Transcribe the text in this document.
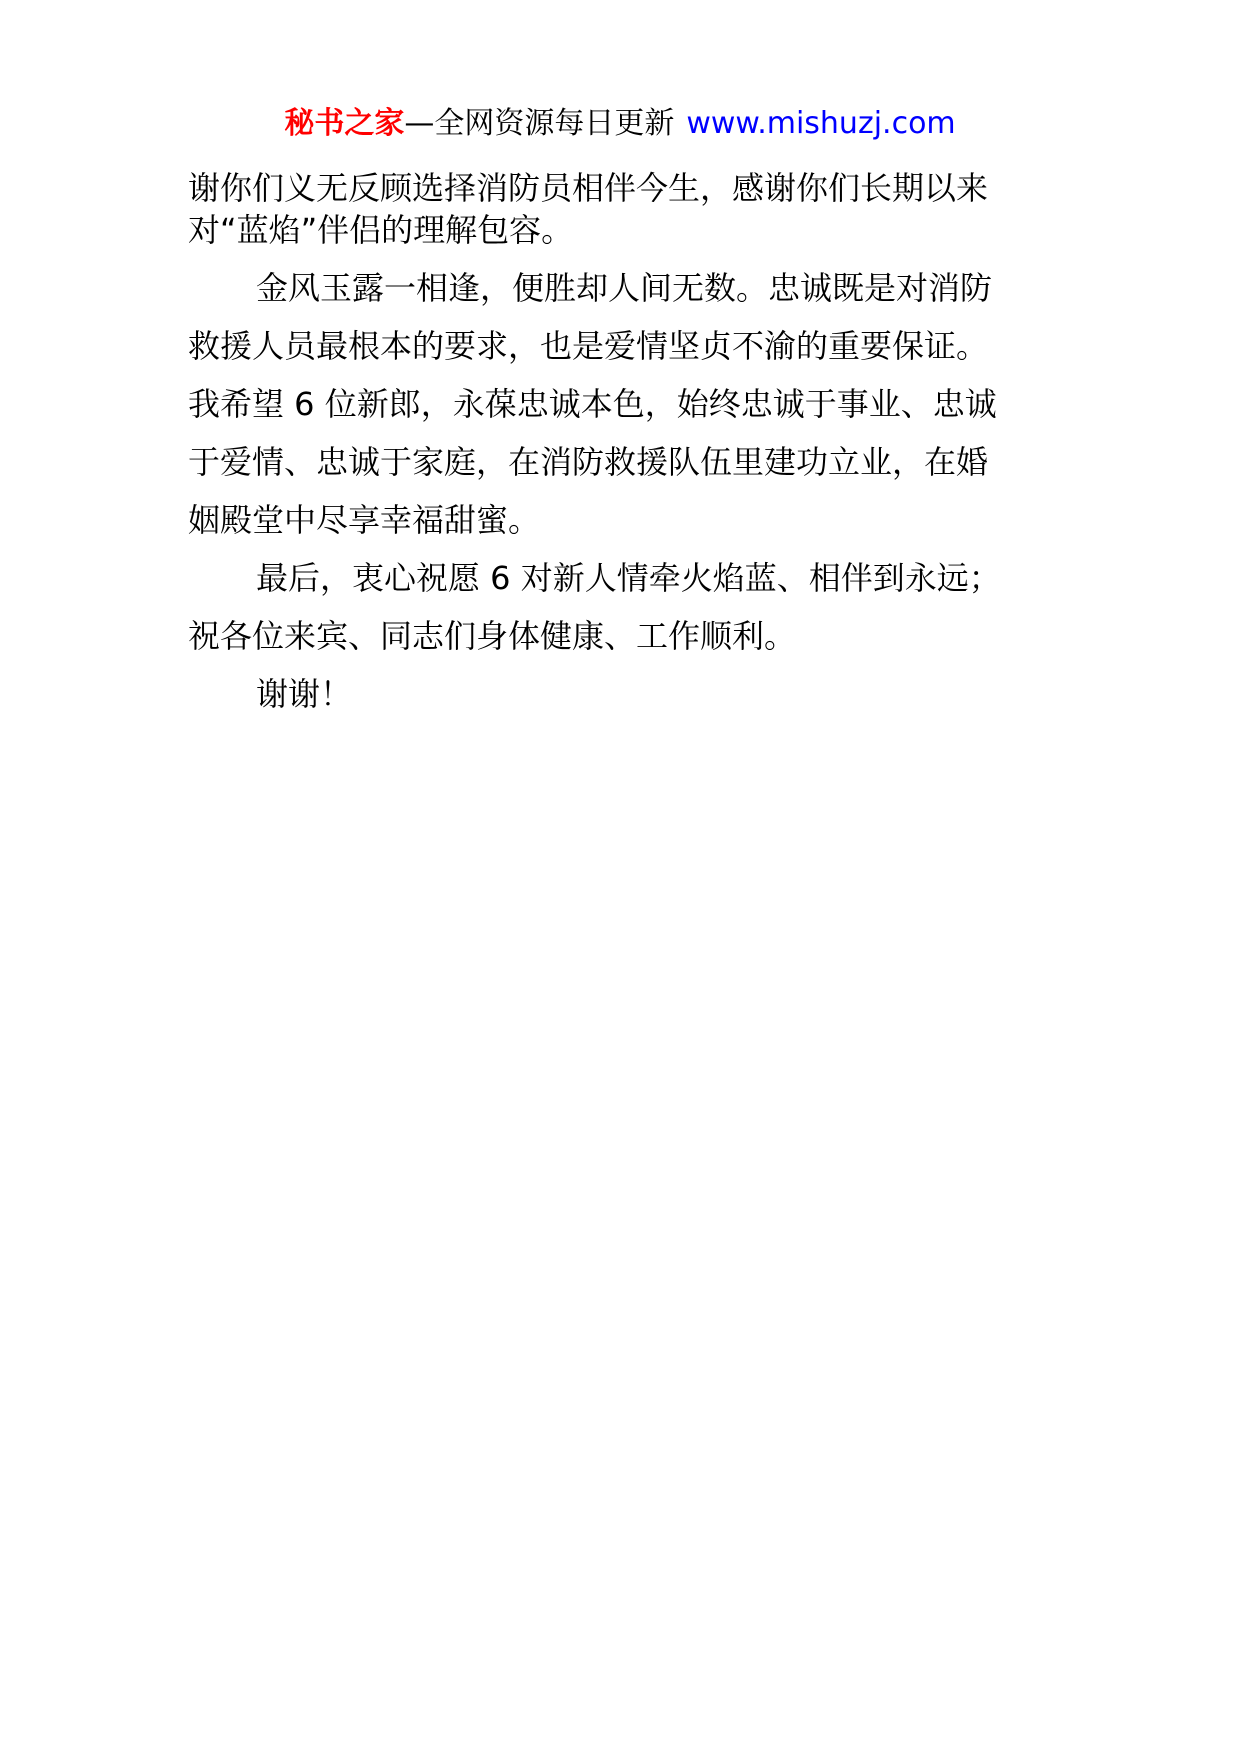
秘书之家—全网资源每日更新 www.mishuzj.com
谢你们义无反顾选择消防员相伴今生，感谢你们长期以来
对“蓝焰”伴侣的理解包容。
金风玉露一相逢，便胜却人间无数。忠诚既是对消防
救援人员最根本的要求，也是爱情坚贞不渝的重要保证。
我希望 6 位新郎，永葆忠诚本色，始终忠诚于事业、忠诚
于爱情、忠诚于家庭，在消防救援队伍里建功立业，在婚
姻殿堂中尽享幸福甜蜜。
最后，衷心祝愿 6 对新人情牵火焰蓝、相伴到永远；
祝各位来宾、同志们身体健康、工作顺利。
谢谢！
